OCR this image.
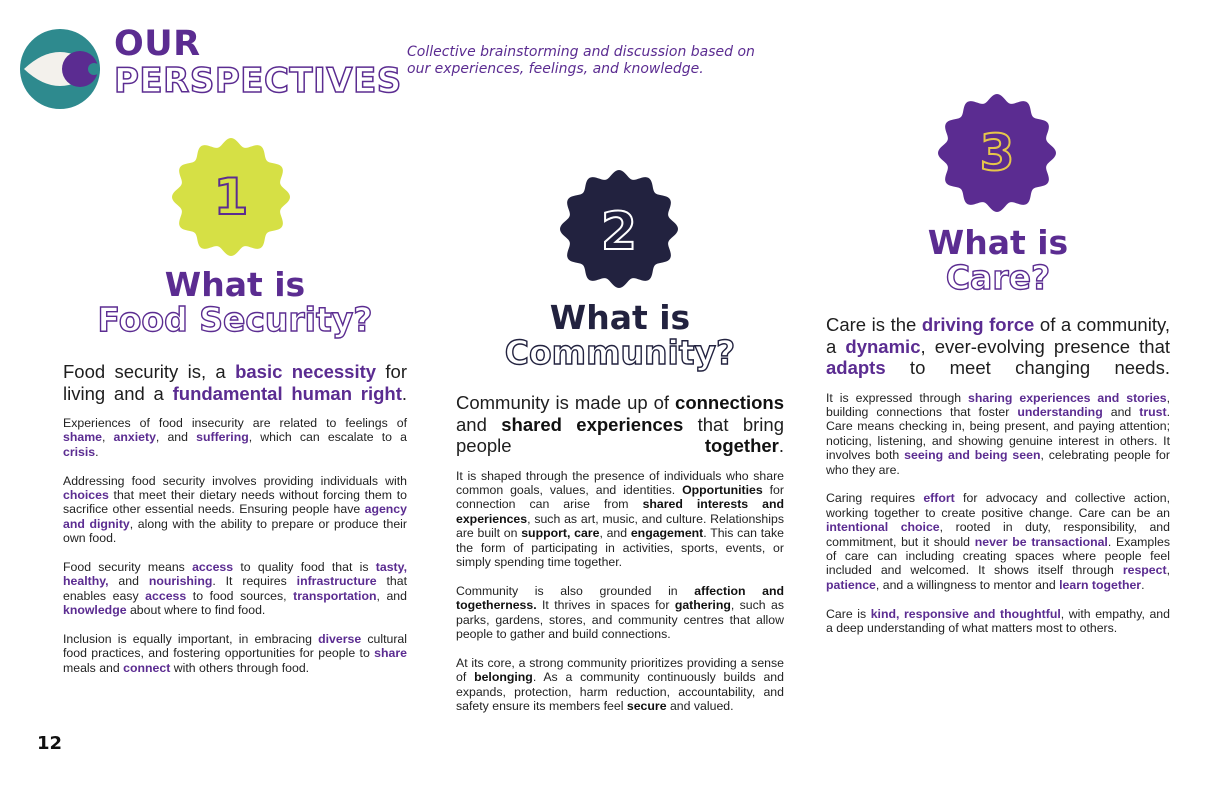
OUR
PERSPECTIVES
Collective brainstorming and discussion based on our experiences, feelings, and knowledge.
1
2
3
What is
Food Security?
Food security is, a basic necessity for living and a fundamental human right.

Experiences of food insecurity are related to feelings of shame, anxiety, and suffering, which can escalate to a crisis.

Addressing food security involves providing individuals with choices that meet their dietary needs without forcing them to sacrifice other essential needs. Ensuring people have agency and dignity, along with the ability to prepare or produce their own food.

Food security means access to quality food that is tasty, healthy, and nourishing. It requires infrastructure that enables easy access to food sources, transportation, and knowledge about where to find food.

Inclusion is equally important, in embracing diverse cultural food practices, and fostering opportunities for people to share meals and connect with others through food.

What is
Community?
Community is made up of connections and shared experiences that bring people together.

It is shaped through the presence of individuals who share common goals, values, and identities. Opportunities for connection can arise from shared interests and experiences, such as art, music, and culture. Relationships are built on support, care, and engagement. This can take the form of participating in activities, sports, events, or simply spending time together.

Community is also grounded in affection and togetherness. It thrives in spaces for gathering, such as parks, gardens, stores, and community centres that allow people to gather and build connections.

At its core, a strong community prioritizes providing a sense of belonging. As a community continuously builds and expands, protection, harm reduction, accountability, and safety ensure its members feel secure and valued.

What is
Care?
Care is the driving force of a community, a dynamic, ever-evolving presence that adapts to meet changing needs.

It is expressed through sharing experiences and stories, building connections that foster understanding and trust. Care means checking in, being present, and paying attention; noticing, listening, and showing genuine interest in others. It involves both seeing and being seen, celebrating people for who they are.

Caring requires effort for advocacy and collective action, working together to create positive change. Care can be an intentional choice, rooted in duty, responsibility, and commitment, but it should never be transactional. Examples of care can including creating spaces where people feel included and welcomed. It shows itself through respect, patience, and a willingness to mentor and learn together.

Care is kind, responsive and thoughtful, with empathy, and a deep understanding of what matters most to others.

12
